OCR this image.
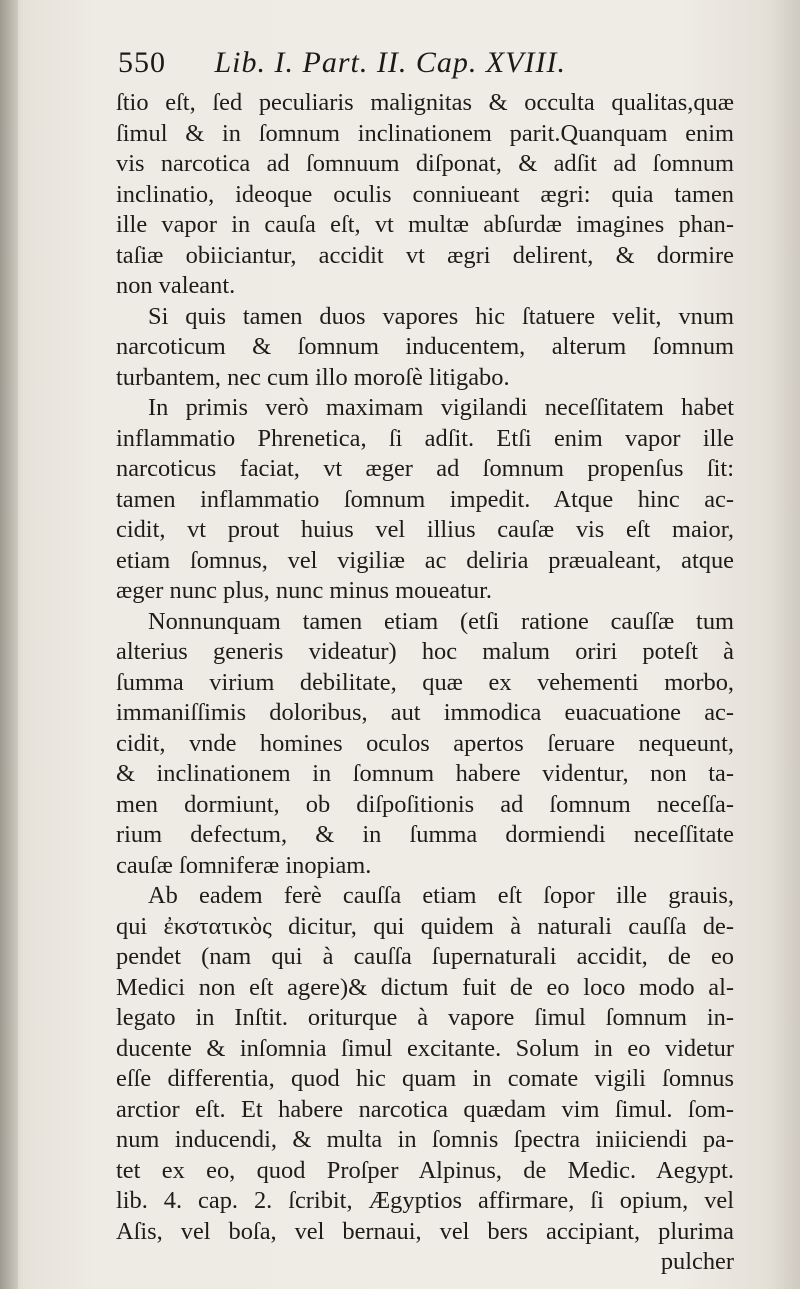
550 Lib. I. Part. II. Cap. XVIII.
ſtio eſt, ſed peculiaris malignitas & occulta qualitas,quæ
ſimul & in ſomnum inclinationem parit.Quanquam enim
vis narcotica ad ſomnuum diſponat, & adſit ad ſomnum
inclinatio, ideoque oculis conniueant ægri: quia tamen
ille vapor in cauſa eſt, vt multæ abſurdæ imagines phan-
taſiæ obiiciantur, accidit vt ægri delirent, & dormire
non valeant.
Si quis tamen duos vapores hic ſtatuere velit, vnum
narcoticum & ſomnum inducentem, alterum ſomnum
turbantem, nec cum illo moroſè litigabo.
In primis verò maximam vigilandi neceſſitatem habet
inflammatio Phrenetica, ſi adſit. Etſi enim vapor ille
narcoticus faciat, vt æger ad ſomnum propenſus ſit:
tamen inflammatio ſomnum impedit. Atque hinc ac-
cidit, vt prout huius vel illius cauſæ vis eſt maior,
etiam ſomnus, vel vigiliæ ac deliria præualeant, atque
æger nunc plus, nunc minus moueatur.
Nonnunquam tamen etiam (etſi ratione cauſſæ tum
alterius generis videatur) hoc malum oriri poteſt à
ſumma virium debilitate, quæ ex vehementi morbo,
immaniſſimis doloribus, aut immodica euacuatione ac-
cidit, vnde homines oculos apertos ſeruare nequeunt,
& inclinationem in ſomnum habere videntur, non ta-
men dormiunt, ob diſpoſitionis ad ſomnum neceſſa-
rium defectum, & in ſumma dormiendi neceſſitate
cauſæ ſomniferæ inopiam.
Ab eadem ferè cauſſa etiam eſt ſopor ille grauis,
qui ἐκστατικὸς dicitur, qui quidem à naturali cauſſa de-
pendet (nam qui à cauſſa ſupernaturali accidit, de eo
Medici non eſt agere)& dictum fuit de eo loco modo al-
legato in Inſtit. oriturque à vapore ſimul ſomnum in-
ducente & inſomnia ſimul excitante. Solum in eo videtur
eſſe differentia, quod hic quam in comate vigili ſomnus
arctior eſt. Et habere narcotica quædam vim ſimul. ſom-
num inducendi, & multa in ſomnis ſpectra iniiciendi pa-
tet ex eo, quod Proſper Alpinus, de Medic. Aegypt.
lib. 4. cap. 2. ſcribit, Ægyptios affirmare, ſi opium, vel
Aſis, vel boſa, vel bernaui, vel bers accipiant, plurima
pulcher
